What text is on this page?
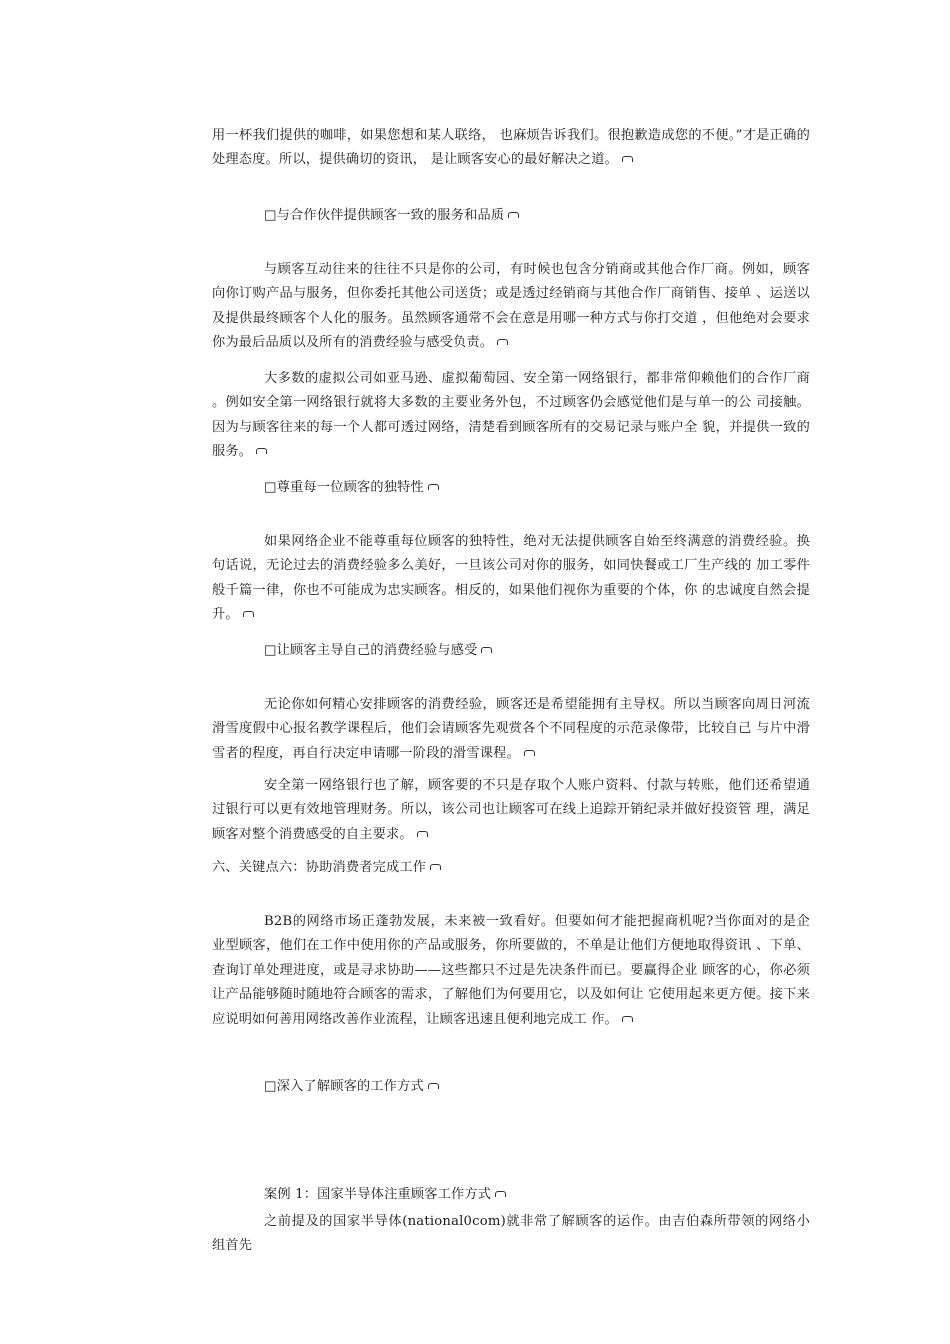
用一杯我们提供的咖啡，如果您想和某人联络， 也麻烦告诉我们。很抱歉造成您的不便。”才是正确的处理态度。所以，提供确切的资讯， 是让顾客安心的最好解决之道。
□与合作伙伴提供顾客一致的服务和品质
与顾客互动往来的往往不只是你的公司，有时候也包含分销商或其他合作厂商。例如，顾客 向你订购产品与服务，但你委托其他公司送货；或是透过经销商与其他合作厂商销售、接单 、运送以及提供最终顾客个人化的服务。虽然顾客通常不会在意是用哪一种方式与你打交道 ，但他绝对会要求你为最后品质以及所有的消费经验与感受负责。
大多数的虚拟公司如亚马逊、虚拟葡萄园、安全第一网络银行，都非常仰赖他们的合作厂商 。例如安全第一网络银行就将大多数的主要业务外包，不过顾客仍会感觉他们是与单一的公 司接触。因为与顾客往来的每一个人都可透过网络，清楚看到顾客所有的交易记录与账户全 貌，并提供一致的服务。
□尊重每一位顾客的独特性
如果网络企业不能尊重每位顾客的独特性，绝对无法提供顾客自始至终满意的消费经验。换 句话说，无论过去的消费经验多么美好，一旦该公司对你的服务，如同快餐或工厂生产线的 加工零件般千篇一律，你也不可能成为忠实顾客。相反的，如果他们视你为重要的个体，你 的忠诚度自然会提升。
□让顾客主导自己的消费经验与感受
无论你如何精心安排顾客的消费经验，顾客还是希望能拥有主导权。所以当顾客向周日河流 滑雪度假中心报名教学课程后，他们会请顾客先观赏各个不同程度的示范录像带，比较自己 与片中滑雪者的程度，再自行决定申请哪一阶段的滑雪课程。
安全第一网络银行也了解，顾客要的不只是存取个人账户资料、付款与转账，他们还希望通 过银行可以更有效地管理财务。所以，该公司也让顾客可在线上追踪开销纪录并做好投资管 理，满足顾客对整个消费感受的自主要求。
六、关键点六：协助消费者完成工作
B2B的网络市场正蓬勃发展，未来被一致看好。但要如何才能把握商机呢?当你面对的是企 业型顾客，他们在工作中使用你的产品或服务，你所要做的，不单是让他们方便地取得资讯 、下单、查询订单处理进度，或是寻求协助——这些都只不过是先决条件而已。要赢得企业 顾客的心，你必须让产品能够随时随地符合顾客的需求，了解他们为何要用它，以及如何让 它使用起来更方便。接下来应说明如何善用网络改善作业流程，让顾客迅速且便利地完成工 作。
□深入了解顾客的工作方式
案例 1：国家半导体注重顾客工作方式
之前提及的国家半导体(national0com)就非常了解顾客的运作。由吉伯森所带领的网络小 组首先
